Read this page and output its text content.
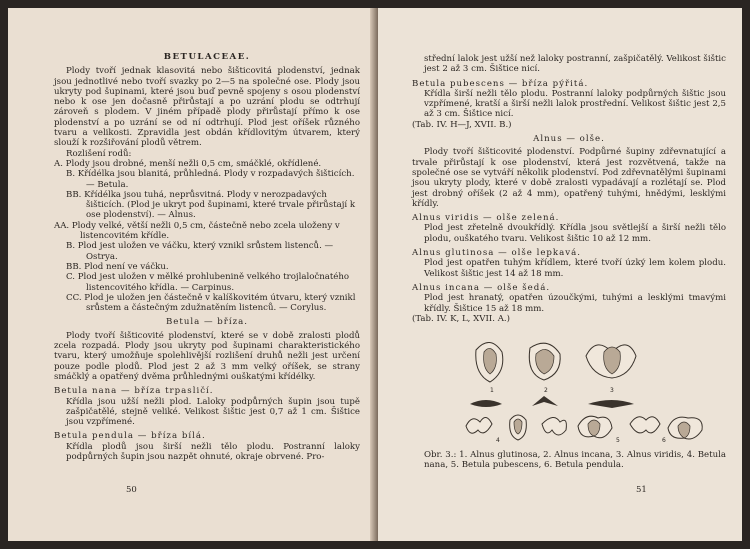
BETULACEAE.

Plody tvoří jednak klasovitá nebo šišticovitá plodenství, jednak jsou jednotlivé nebo tvoří svazky po 2—5 na společné ose. Plody jsou ukryty pod šupinami, které jsou buď pevně spojeny s osou plodenství nebo k ose jen dočasně přirůstají a po uzrání plodu se odtrhují zároveň s plodem. V jiném případě plody přirůstají přímo k ose plodenství a po uzrání se od ní odtrhují. Plod jest oříšek různého tvaru a velikosti. Zpravidla jest obdán křídlovitým útvarem, který slouží k rozšiřování plodů větrem.

Rozlišení rodů:

A. Plody jsou drobné, menší nežli 0,5 cm, smáčklé, okřídlené.

B. Křídélka jsou blanitá, průhledná. Plody v rozpadavých šišticích. — Betula.

BB. Křídélka jsou tuhá, neprůsvitná. Plody v nerozpadavých šišticích. (Plod je ukryt pod šupinami, které trvale přirůstají k ose plodenství). — Alnus.

AA. Plody velké, větší nežli 0,5 cm, částečně nebo zcela uloženy v listencovitém křídle.

B. Plod jest uložen ve váčku, který vznikl srůstem listenců. — Ostrya.

BB. Plod není ve váčku.

C. Plod jest uložen v mělké prohlubenině velkého trojlaločnatého listencovitého křídla. — Carpinus.

CC. Plod je uložen jen částečně v kalíškovitém útvaru, který vznikl srůstem a částečným zdužnatěním listenců. — Corylus.

Betula — bříza.

Plody tvoří šišticovité plodenství, které se v době zralosti plodů zcela rozpadá. Plody jsou ukryty pod šupinami charakteristického tvaru, který umožňuje spolehlivější rozlišení druhů nežli jest určení pouze podle plodů. Plod jest 2 až 3 mm velký oříšek, se strany smáčklý a opatřený dvěma průhlednými ouškatými křídélky.

Betula nana — bříza trpasličí.

Křídla jsou užší nežli plod. Laloky podpůrných šupin jsou tupě zašpičatělé, stejně veliké. Velikost šištic jest 0,7 až 1 cm. Šištice jsou vzpřímené.

Betula pendula — bříza bílá.

Křídla plodů jsou širší nežli tělo plodu. Postranní laloky podpůrných šupin jsou nazpět ohnuté, okraje obrvené. Pro-

50

střední lalok jest užší než laloky postranní, zašpičatělý. Velikost šištic jest 2 až 3 cm. Šištice nicí.

Betula pubescens — bříza pýřitá.

Křídla širší nežli tělo plodu. Postranní laloky podpůrných šištic jsou vzpřímené, kratší a širší nežli lalok prostřední. Velikost šištic jest 2,5 až 3 cm. Šištice nicí.

(Tab. IV. H—J, XVII. B.)

Alnus — olše.

Plody tvoří šišticovité plodenství. Podpůrné šupiny zdřevnatující a trvale přirůstají k ose plodenství, která jest rozvětvená, takže na společné ose se vytváří několik plodenství. Pod zdřevnatělými šupinami jsou ukryty plody, které v době zralosti vypadávají a rozlétají se. Plod jest drobný oříšek (2 až 4 mm), opatřený tuhými, hnědými, lesklými křídly.

Alnus viridis — olše zelená.

Plod jest zřetelně dvoukřídlý. Křídla jsou světlejší a širší nežli tělo plodu, ouškatého tvaru. Velikost šištic 10 až 12 mm.

Alnus glutinosa — olše lepkavá.

Plod jest opatřen tuhým křídlem, které tvoří úzký lem kolem plodu. Velikost šištic jest 14 až 18 mm.

Alnus incana — olše šedá.

Plod jest hranatý, opatřen úzoučkými, tuhými a lesklými tmavými křídly. Šištice 15 až 18 mm.

(Tab. IV. K, L, XVII. A.)

1	2	3
4	5	6

Obr. 3.: 1. Alnus glutinosa, 2. Alnus incana, 3. Alnus viridis, 4. Betula nana, 5. Betula pubescens, 6. Betula pendula.

51
